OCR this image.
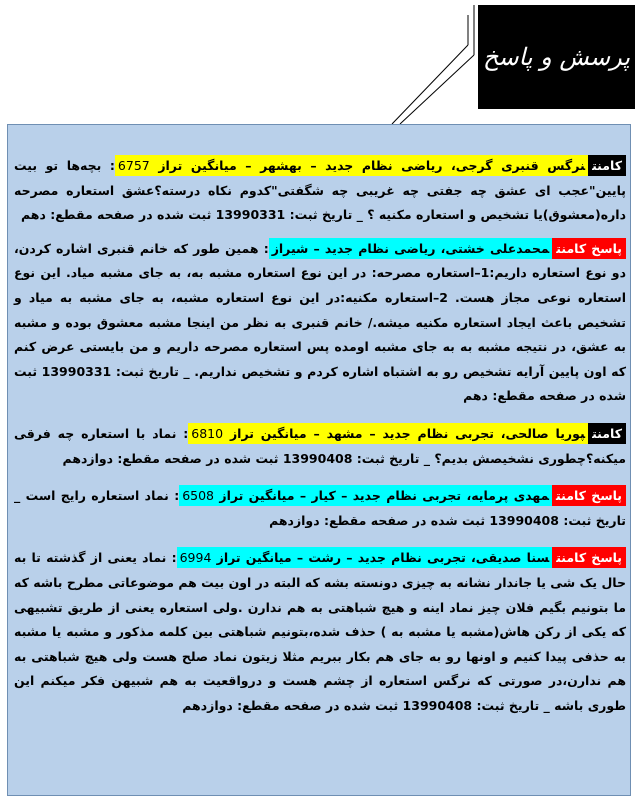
پرسش و پاسخ
کامنتنرگس قنبری گرجی، ریاضی نظام جدید – بهشهر – میانگین تراز 6757: بچه‌ها تو بیت پایین"عجب ای عشق چه جفتی چه غریبی چه شگفتی"کدوم نکاه درسته؟عشق استعاره مصرحه داره(معشوق)یا تشخیص و استعاره مکنیه ؟ _ تاریخ ثبت: 13990331 ثبت شده در صفحه مقطع: دهم
پاسخ کامنتمحمدعلی خشتی، ریاضی نظام جدید – شیراز: همین طور که خانم قنبری اشاره کردن، دو نوع استعاره داریم:1–استعاره مصرحه: در این نوع استعاره مشبه به، به جای مشبه میاد. این نوع استعاره نوعی مجاز هست. 2–استعاره مکنیه:در این نوع استعاره مشبه، به جای مشبه به میاد و تشخیص باعث ایجاد استعاره مکنیه میشه./ خانم قنبری به نظر من اینجا مشبه معشوق بوده و مشبه به عشق، در نتیجه مشبه به به جای مشبه اومده پس استعاره مصرحه داریم و من بایستی عرض کنم که اون پایین آرایه تشخیص رو به اشتباه اشاره کردم و تشخیص نداریم. _ تاریخ ثبت: 13990331 ثبت شده در صفحه مقطع: دهم
کامنتپوریا صالحی، تجربی نظام جدید – مشهد – میانگین تراز 6810: نماد با استعاره چه فرقی میکنه؟چطوری نشخیصش بدیم؟ _ تاریخ ثبت: 13990408 ثبت شده در صفحه مقطع: دوازدهم
پاسخ کامنتمهدی پرمایه، تجربی نظام جدید – کیار – میانگین تراز 6508: نماد استعاره رایج است _ تاریخ ثبت: 13990408 ثبت شده در صفحه مقطع: دوازدهم
پاسخ کامنتسنا صدیقی، تجربی نظام جدید – رشت – میانگین تراز 6994: نماد یعنی از گذشته تا به حال یک شی یا جاندار نشانه به چیزی دونسته بشه که البته در اون بیت هم موضوعاتی مطرح باشه که ما بتونیم بگیم فلان چیز نماد اینه و هیچ شباهتی به هم ندارن .ولی استعاره یعنی از طریق تشبیهی که یکی از رکن هاش(مشبه یا مشبه به ) حذف شده،بتونیم شباهتی بین کلمه مذکور و مشبه یا مشبه به حذفی پیدا کنیم و اونها رو به جای هم بکار ببریم مثلا زیتون نماد صلح هست ولی هیچ شباهتی به هم ندارن،در صورتی که نرگس استعاره از چشم هست و درواقعیت به هم شبیهن فکر میکنم این طوری باشه _ تاریخ ثبت: 13990408 ثبت شده در صفحه مقطع: دوازدهم
